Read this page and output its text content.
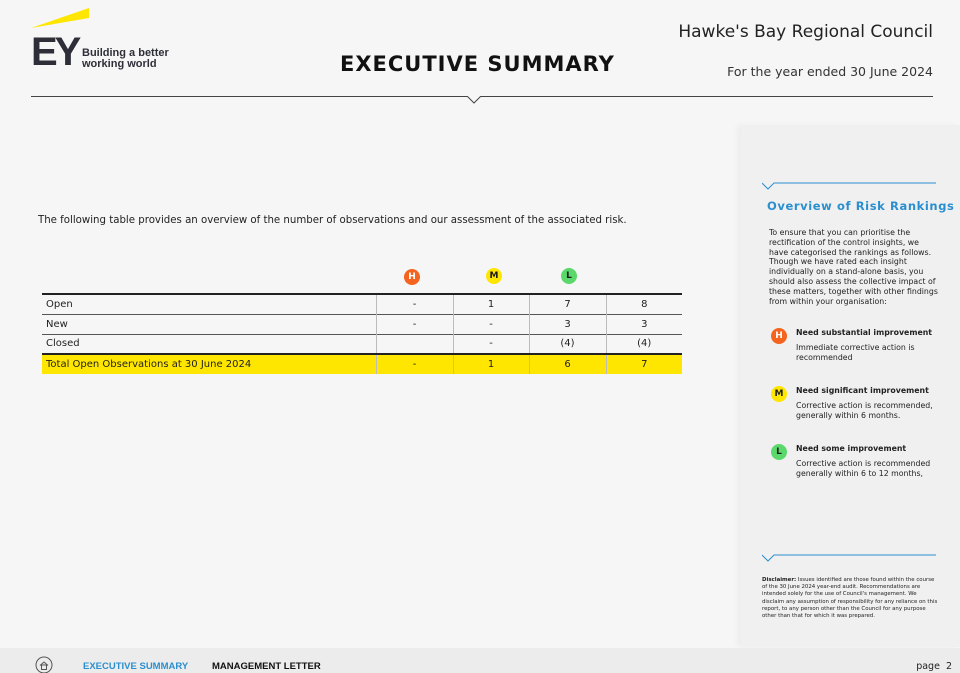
EY Building a better working world	EXECUTIVE SUMMARY
Hawke's Bay Regional Council
For the year ended 30 June 2024
The following table provides an overview of the number of observations and our assessment of the associated risk.
H	M	L
Open	-	1	7	8
New	-	-	3	3
Closed		-	(4)	(4)
Total Open Observations at 30 June 2024	-	1	6	7
Overview of Risk Rankings
To ensure that you can prioritise the rectification of the control insights, we have categorised the rankings as follows. Though we have rated each insight individually on a stand-alone basis, you should also assess the collective impact of these matters, together with other findings from within your organisation:
H	Need substantial improvement
Immediate corrective action is recommended
M	Need significant improvement
Corrective action is recommended, generally within 6 months.
L	Need some improvement
Corrective action is recommended generally within 6 to 12 months,
Disclaimer: Issues identified are those found within the course of the 30 June 2024 year-end audit. Recommendations are intended solely for the use of Council's management. We disclaim any assumption of responsibility for any reliance on this report, to any person other than the Council for any purpose other than that for which it was prepared.
EXECUTIVE SUMMARY	MANAGEMENT LETTER	page  2
